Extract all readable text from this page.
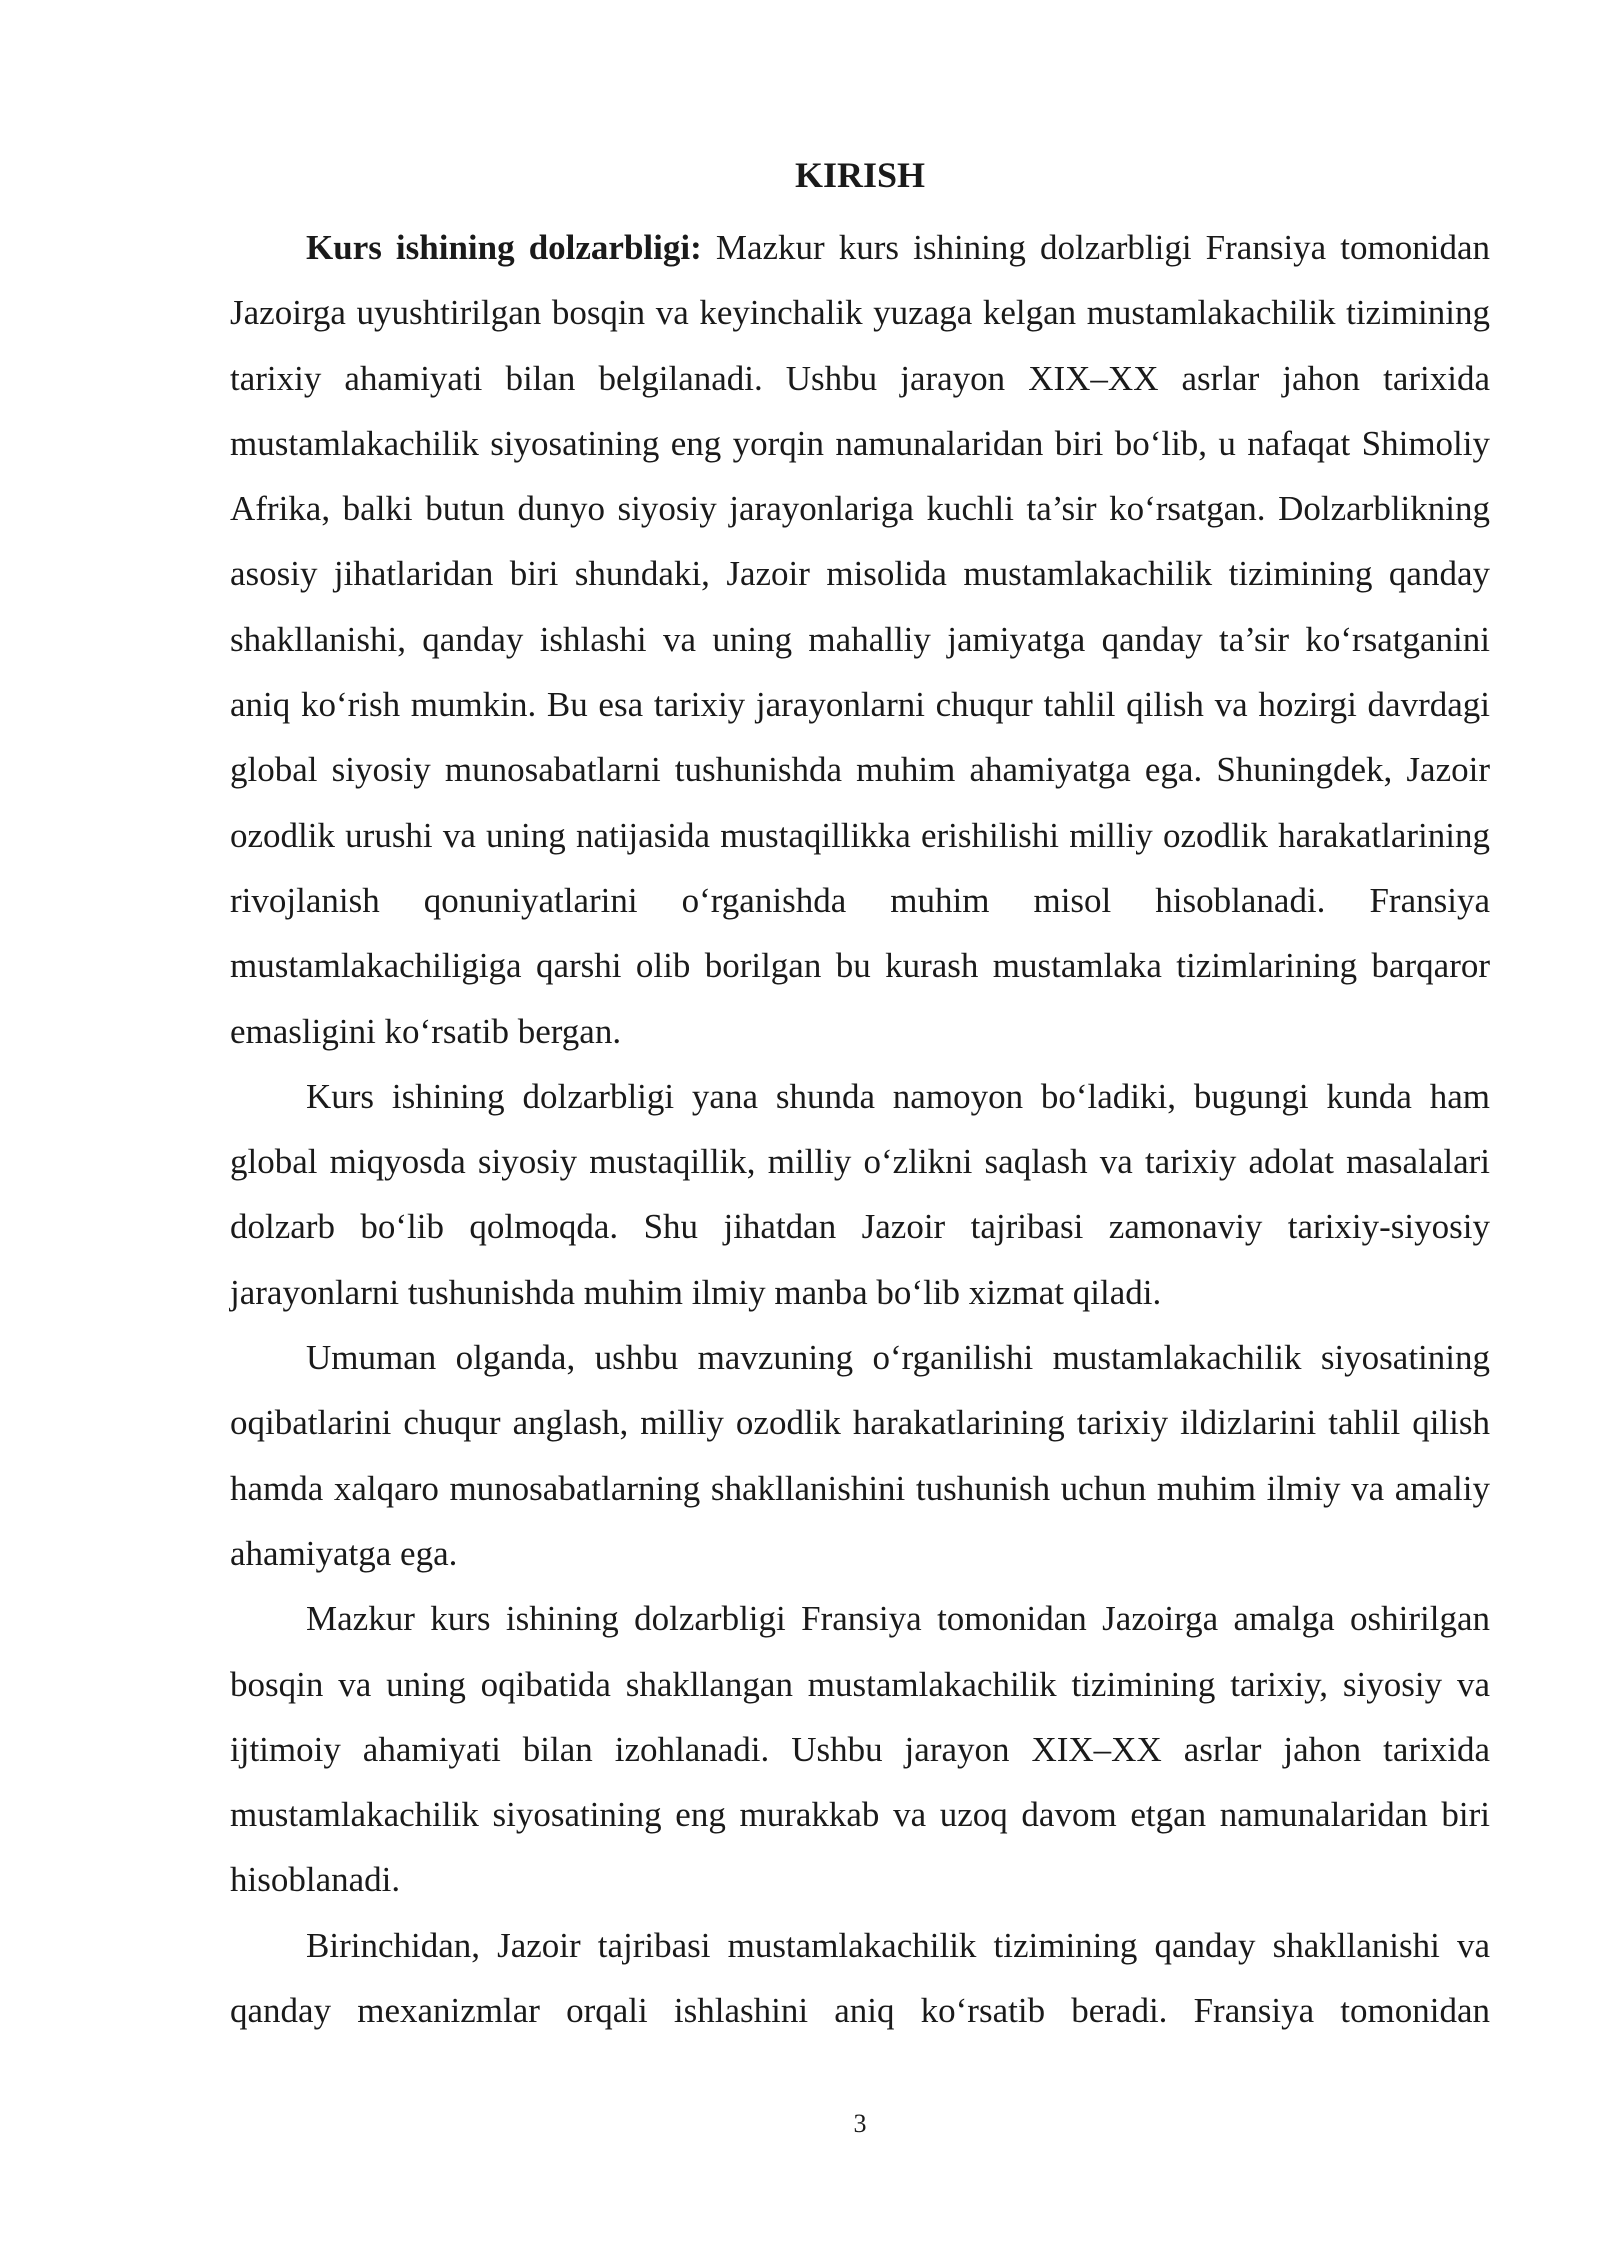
KIRISH

Kurs ishining dolzarbligi: Mazkur kurs ishining dolzarbligi Fransiya tomonidan Jazoirga uyushtirilgan bosqin va keyinchalik yuzaga kelgan mustamlakachilik tizimining tarixiy ahamiyati bilan belgilanadi. Ushbu jarayon XIX–XX asrlar jahon tarixida mustamlakachilik siyosatining eng yorqin namunalaridan biri bo‘lib, u nafaqat Shimoliy Afrika, balki butun dunyo siyosiy jarayonlariga kuchli ta’sir ko‘rsatgan. Dolzarblikning asosiy jihatlaridan biri shundaki, Jazoir misolida mustamlakachilik tizimining qanday shakllanishi, qanday ishlashi va uning mahalliy jamiyatga qanday ta’sir ko‘rsatganini aniq ko‘rish mumkin. Bu esa tarixiy jarayonlarni chuqur tahlil qilish va hozirgi davrdagi global siyosiy munosabatlarni tushunishda muhim ahamiyatga ega. Shuningdek, Jazoir ozodlik urushi va uning natijasida mustaqillikka erishilishi milliy ozodlik harakatlarining rivojlanish qonuniyatlarini o‘rganishda muhim misol hisoblanadi. Fransiya mustamlakachiligiga qarshi olib borilgan bu kurash mustamlaka tizimlarining barqaror emasligini ko‘rsatib bergan.

Kurs ishining dolzarbligi yana shunda namoyon bo‘ladiki, bugungi kunda ham global miqyosda siyosiy mustaqillik, milliy o‘zlikni saqlash va tarixiy adolat masalalari dolzarb bo‘lib qolmoqda. Shu jihatdan Jazoir tajribasi zamonaviy tarixiy-siyosiy jarayonlarni tushunishda muhim ilmiy manba bo‘lib xizmat qiladi.

Umuman olganda, ushbu mavzuning o‘rganilishi mustamlakachilik siyosatining oqibatlarini chuqur anglash, milliy ozodlik harakatlarining tarixiy ildizlarini tahlil qilish hamda xalqaro munosabatlarning shakllanishini tushunish uchun muhim ilmiy va amaliy ahamiyatga ega.

Mazkur kurs ishining dolzarbligi Fransiya tomonidan Jazoirga amalga oshirilgan bosqin va uning oqibatida shakllangan mustamlakachilik tizimining tarixiy, siyosiy va ijtimoiy ahamiyati bilan izohlanadi. Ushbu jarayon XIX–XX asrlar jahon tarixida mustamlakachilik siyosatining eng murakkab va uzoq davom etgan namunalaridan biri hisoblanadi.

Birinchidan, Jazoir tajribasi mustamlakachilik tizimining qanday shakllanishi va qanday mexanizmlar orqali ishlashini aniq ko‘rsatib beradi. Fransiya tomonidan

3
